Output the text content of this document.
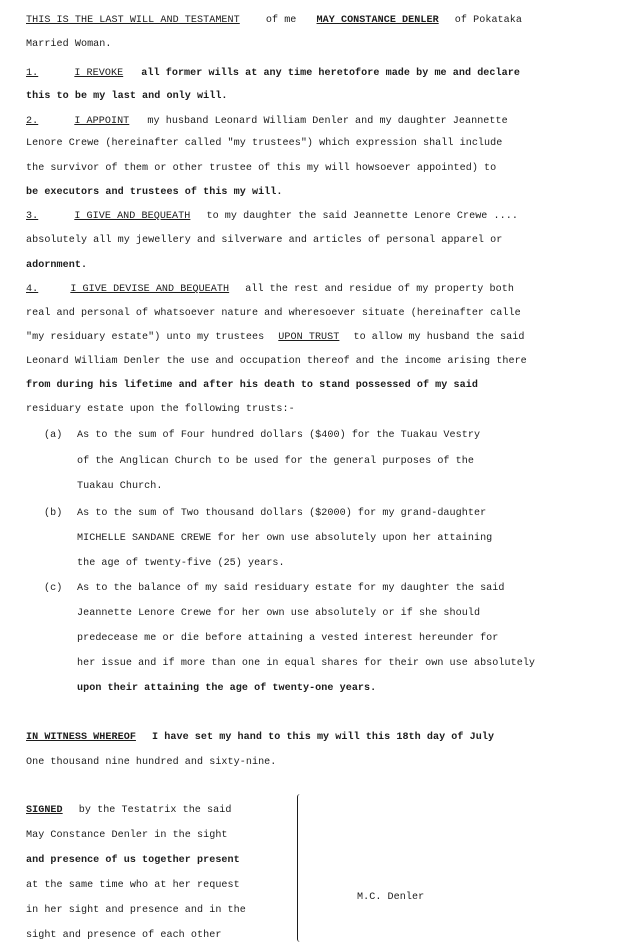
THIS IS THE LAST WILL AND TESTAMENT	of me MAY CONSTANCE DENLER of Pokataka
Married Woman.
1.	I REVOKE all former wills at any time heretofore made by me and declare
this to be my last and only will.
2.	I APPOINT my husband Leonard William Denler and my daughter Jeannette
Lenore Crewe (hereinafter called "my trustees") which expression shall include
the survivor of them or other trustee of this my will howsoever appointed) to
be executors and trustees of this my will.
3.	I GIVE AND BEQUEATH to my daughter the said Jeannette Lenore Crewe ....
absolutely all my jewellery and silverware and articles of personal apparel or
adornment.
4.	I GIVE DEVISE AND BEQUEATH all the rest and residue of my property both
real and personal of whatsoever nature and wheresoever situate (hereinafter calle
"my residuary estate") unto my trustees UPON TRUST to allow my husband the said
Leonard William Denler the use and occupation thereof and the income arising there
from during his lifetime and after his death to stand possessed of my said
residuary estate upon the following trusts:-
(a) As to the sum of Four hundred dollars ($400) for the Tuakau Vestry
of the Anglican Church to be used for the general purposes of the
Tuakau Church.
(b) As to the sum of Two thousand dollars ($2000) for my grand-daughter
MICHELLE SANDANE CREWE for her own use absolutely upon her attaining
the age of twenty-five (25) years.
(c) As to the balance of my said residuary estate for my daughter the said
Jeannette Lenore Crewe for her own use absolutely or if she should
predecease me or die before attaining a vested interest hereunder for
her issue and if more than one in equal shares for their own use absolutely
upon their attaining the age of twenty-one years.
IN WITNESS WHEREOF I have set my hand to this my will this 18th day of July
One thousand nine hundred and sixty-nine.
SIGNED by the Testatrix the said
May Constance Denler in the sight
and presence of us together present
at the same time who at her request
in her sight and presence and in the
sight and presence of each other
M.C. Denler
